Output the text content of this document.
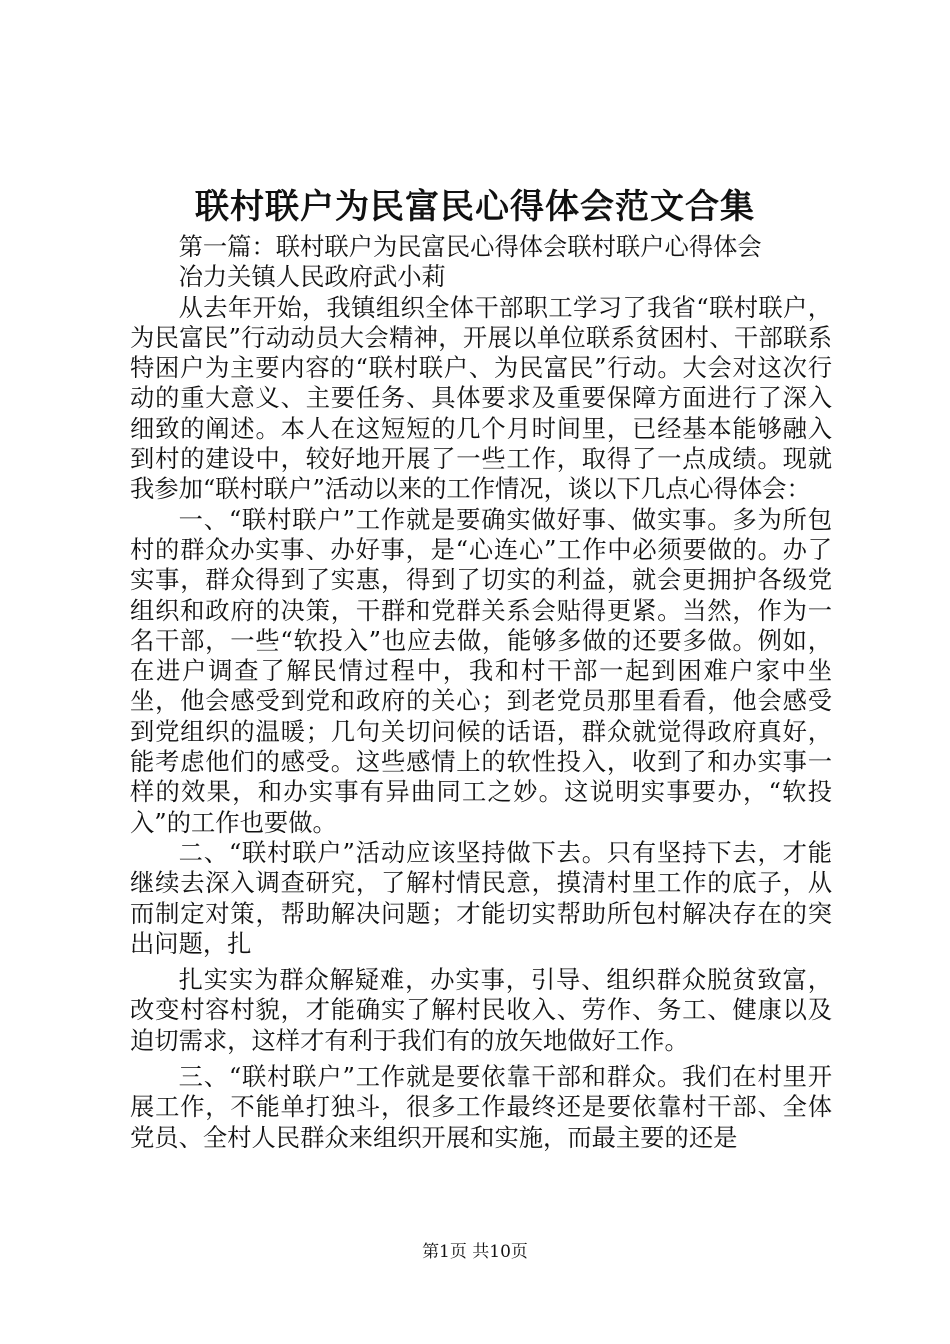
联村联户为民富民心得体会范文合集

第一篇：联村联户为民富民心得体会联村联户心得体会

冶力关镇人民政府武小莉

从去年开始，我镇组织全体干部职工学习了我省“联村联户，为民富民”行动动员大会精神，开展以单位联系贫困村、干部联系特困户为主要内容的“联村联户、为民富民”行动。大会对这次行动的重大意义、主要任务、具体要求及重要保障方面进行了深入细致的阐述。本人在这短短的几个月时间里，已经基本能够融入到村的建设中，较好地开展了一些工作，取得了一点成绩。现就我参加“联村联户”活动以来的工作情况，谈以下几点心得体会：

一、“联村联户”工作就是要确实做好事、做实事。多为所包村的群众办实事、办好事，是“心连心”工作中必须要做的。办了实事，群众得到了实惠，得到了切实的利益，就会更拥护各级党组织和政府的决策，干群和党群关系会贴得更紧。当然，作为一名干部，一些“软投入”也应去做，能够多做的还要多做。例如，在进户调查了解民情过程中，我和村干部一起到困难户家中坐坐，他会感受到党和政府的关心；到老党员那里看看，他会感受到党组织的温暖；几句关切问候的话语，群众就觉得政府真好，能考虑他们的感受。这些感情上的软性投入，收到了和办实事一样的效果，和办实事有异曲同工之妙。这说明实事要办，“软投入”的工作也要做。

二、“联村联户”活动应该坚持做下去。只有坚持下去，才能继续去深入调查研究，了解村情民意，摸清村里工作的底子，从而制定对策，帮助解决问题；才能切实帮助所包村解决存在的突出问题，扎

扎实实为群众解疑难，办实事，引导、组织群众脱贫致富，改变村容村貌，才能确实了解村民收入、劳作、务工、健康以及迫切需求，这样才有利于我们有的放矢地做好工作。

三、“联村联户”工作就是要依靠干部和群众。我们在村里开展工作，不能单打独斗，很多工作最终还是要依靠村干部、全体党员、全村人民群众来组织开展和实施，而最主要的还是

第1页 共10页
